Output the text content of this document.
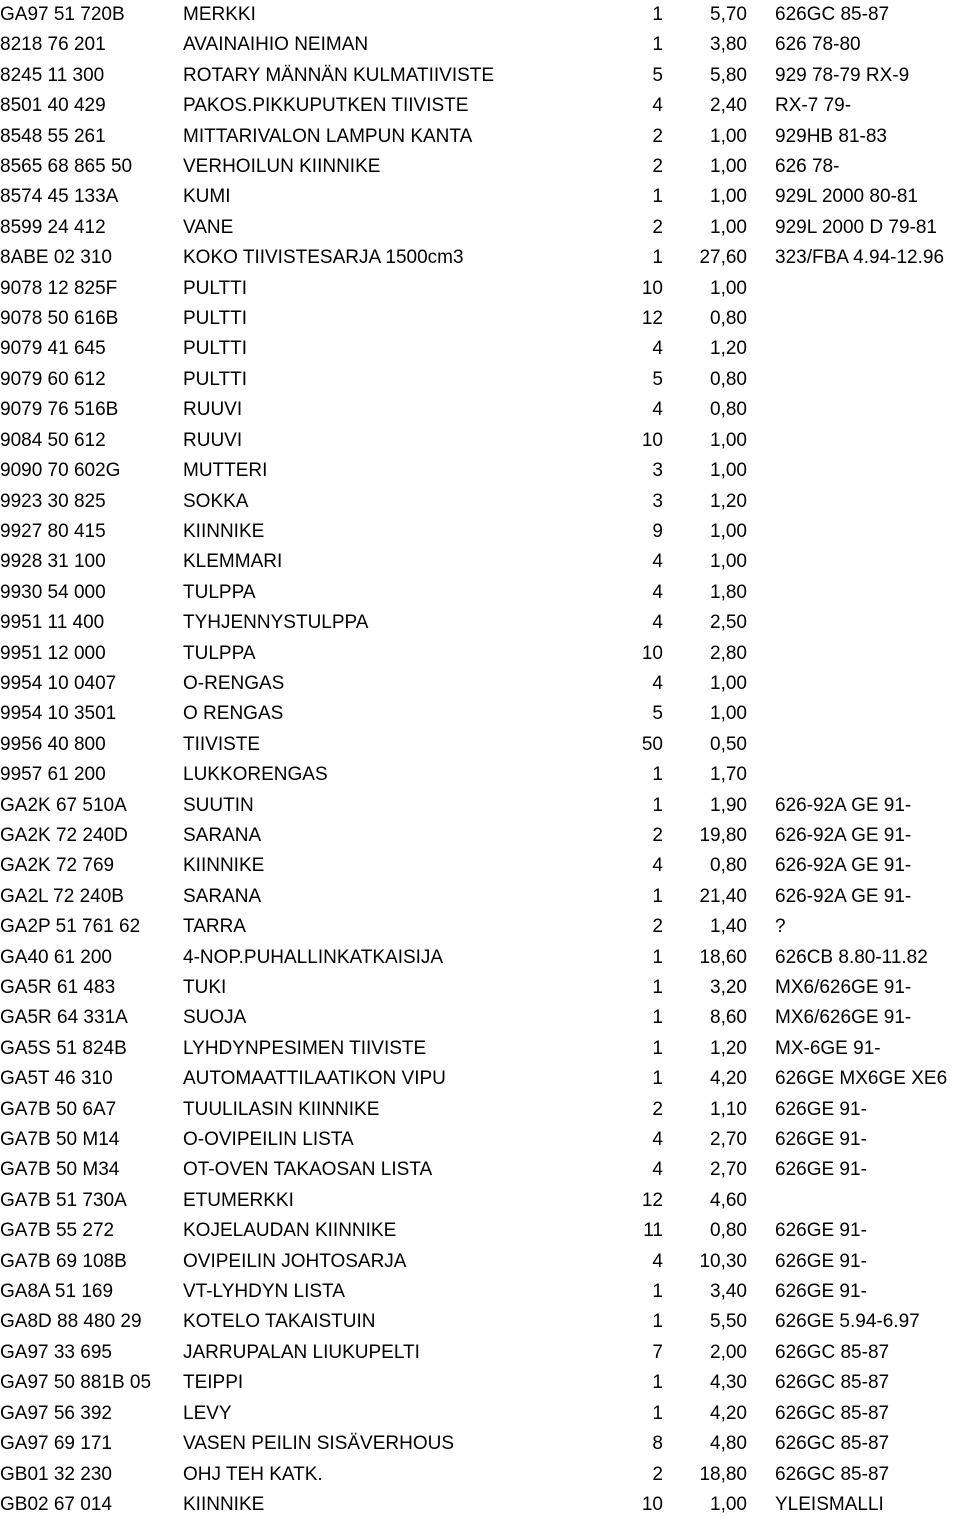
GA97 51 720B	MERKKI	1		5,70		626GC 85-87
8218 76 201	AVAINAIHIO NEIMAN	1		3,80		626 78-80
8245 11 300	ROTARY MÄNNÄN KULMATIIVISTE	5		5,80		929 78-79 RX-9
8501 40 429	PAKOS.PIKKUPUTKEN TIIVISTE	4		2,40		RX-7 79-
8548 55 261	MITTARIVALON LAMPUN KANTA	2		1,00		929HB 81-83
8565 68 865 50	VERHOILUN KIINNIKE	2		1,00		626 78-
8574 45 133A	KUMI	1		1,00		929L 2000 80-81
8599 24 412	VANE	2		1,00		929L 2000 D 79-81
8ABE 02 310	KOKO TIIVISTESARJA 1500cm3	1		27,60		323/FBA 4.94-12.96
9078 12 825F	PULTTI	10		1,00		
9078 50 616B	PULTTI	12		0,80		
9079 41 645	PULTTI	4		1,20		
9079 60 612	PULTTI	5		0,80		
9079 76 516B	RUUVI	4		0,80		
9084 50 612	RUUVI	10		1,00		
9090 70 602G	MUTTERI	3		1,00		
9923 30 825	SOKKA	3		1,20		
9927 80 415	KIINNIKE	9		1,00		
9928 31 100	KLEMMARI	4		1,00		
9930 54 000	TULPPA	4		1,80		
9951 11 400	TYHJENNYSTULPPA	4		2,50		
9951 12 000	TULPPA	10		2,80		
9954 10 0407	O-RENGAS	4		1,00		
9954 10 3501	O RENGAS	5		1,00		
9956 40 800	TIIVISTE	50		0,50		
9957 61 200	LUKKORENGAS	1		1,70		
GA2K 67 510A	SUUTIN	1		1,90		626-92A GE 91-
GA2K 72 240D	SARANA	2		19,80		626-92A GE 91-
GA2K 72 769	KIINNIKE	4		0,80		626-92A GE 91-
GA2L 72 240B	SARANA	1		21,40		626-92A GE 91-
GA2P 51 761 62	TARRA	2		1,40		?
GA40 61 200	4-NOP.PUHALLINKATKAISIJA	1		18,60		626CB 8.80-11.82
GA5R 61 483	TUKI	1		3,20		MX6/626GE 91-
GA5R 64 331A	SUOJA	1		8,60		MX6/626GE 91-
GA5S 51 824B	LYHDYNPESIMEN TIIVISTE	1		1,20		MX-6GE 91-
GA5T 46 310	AUTOMAATTILAATIKON VIPU	1		4,20		626GE MX6GE XE6
GA7B 50 6A7	TUULILASIN KIINNIKE	2		1,10		626GE 91-
GA7B 50 M14	O-OVIPEILIN LISTA	4		2,70		626GE 91-
GA7B 50 M34	OT-OVEN TAKAOSAN LISTA	4		2,70		626GE 91-
GA7B 51 730A	ETUMERKKI	12		4,60		
GA7B 55 272	KOJELAUDAN KIINNIKE	11		0,80		626GE 91-
GA7B 69 108B	OVIPEILIN JOHTOSARJA	4		10,30		626GE 91-
GA8A 51 169	VT-LYHDYN LISTA	1		3,40		626GE 91-
GA8D 88 480 29	KOTELO TAKAISTUIN	1		5,50		626GE 5.94-6.97
GA97 33 695	JARRUPALAN LIUKUPELTI	7		2,00		626GC 85-87
GA97 50 881B 05	TEIPPI	1		4,30		626GC 85-87
GA97 56 392	LEVY	1		4,20		626GC 85-87
GA97 69 171	VASEN PEILIN SISÄVERHOUS	8		4,80		626GC 85-87
GB01 32 230	OHJ TEH KATK.	2		18,80		626GC 85-87
GB02 67 014	KIINNIKE	10		1,00		YLEISMALLI
